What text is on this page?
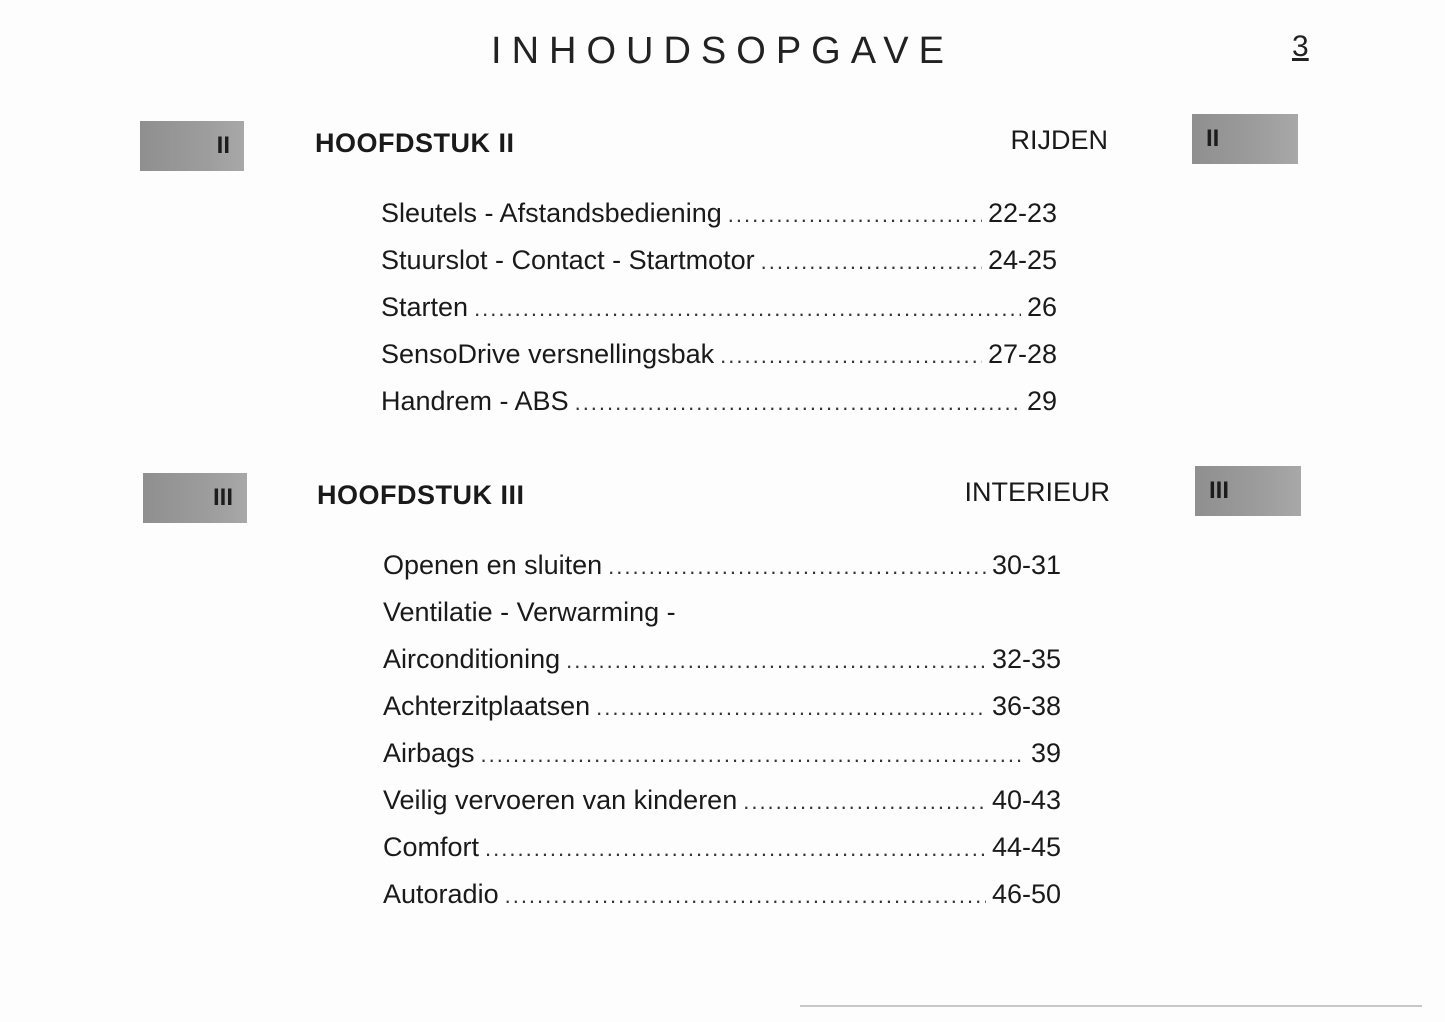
INHOUDSOPGAVE	3
II	HOOFDSTUK II	RIJDEN	II
Sleutels - Afstandsbediening .....	22-23
Stuurslot - Contact - Startmotor .....	24-25
Starten .....	26
SensoDrive versnellingsbak .....	27-28
Handrem - ABS .....	29
III	HOOFDSTUK III	INTERIEUR	III
Openen en sluiten .....	30-31
Ventilatie - Verwarming -
Airconditioning .....	32-35
Achterzitplaatsen .....	36-38
Airbags .....	39
Veilig vervoeren van kinderen .....	40-43
Comfort .....	44-45
Autoradio .....	46-50
